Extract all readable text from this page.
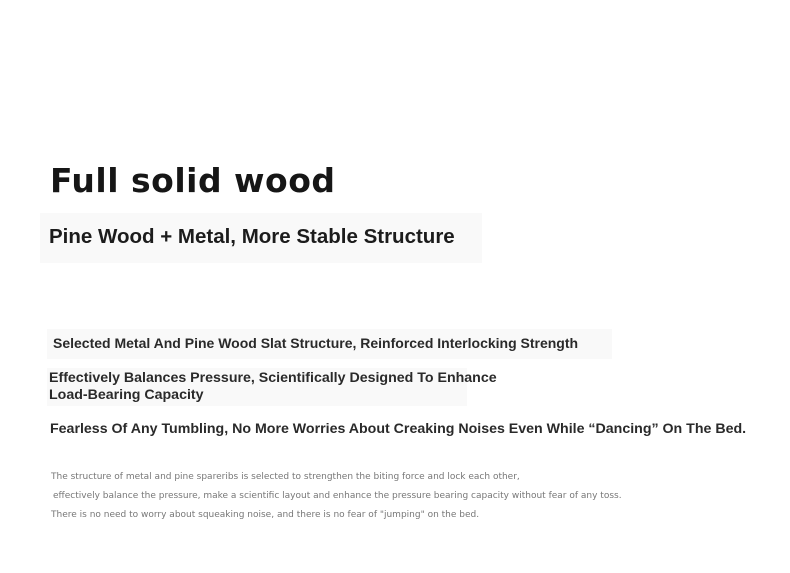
Full solid wood
Pine Wood + Metal, More Stable Structure

Selected Metal And Pine Wood Slat Structure, Reinforced Interlocking Strength

Effectively Balances Pressure, Scientifically Designed To Enhance Load-Bearing Capacity

Fearless Of Any Tumbling, No More Worries About Creaking Noises Even While “Dancing” On The Bed.

The structure of metal and pine spareribs is selected to strengthen the biting force and lock each other,
effectively balance the pressure, make a scientific layout and enhance the pressure bearing capacity without fear of any toss.
There is no need to worry about squeaking noise, and there is no fear of "jumping" on the bed.
